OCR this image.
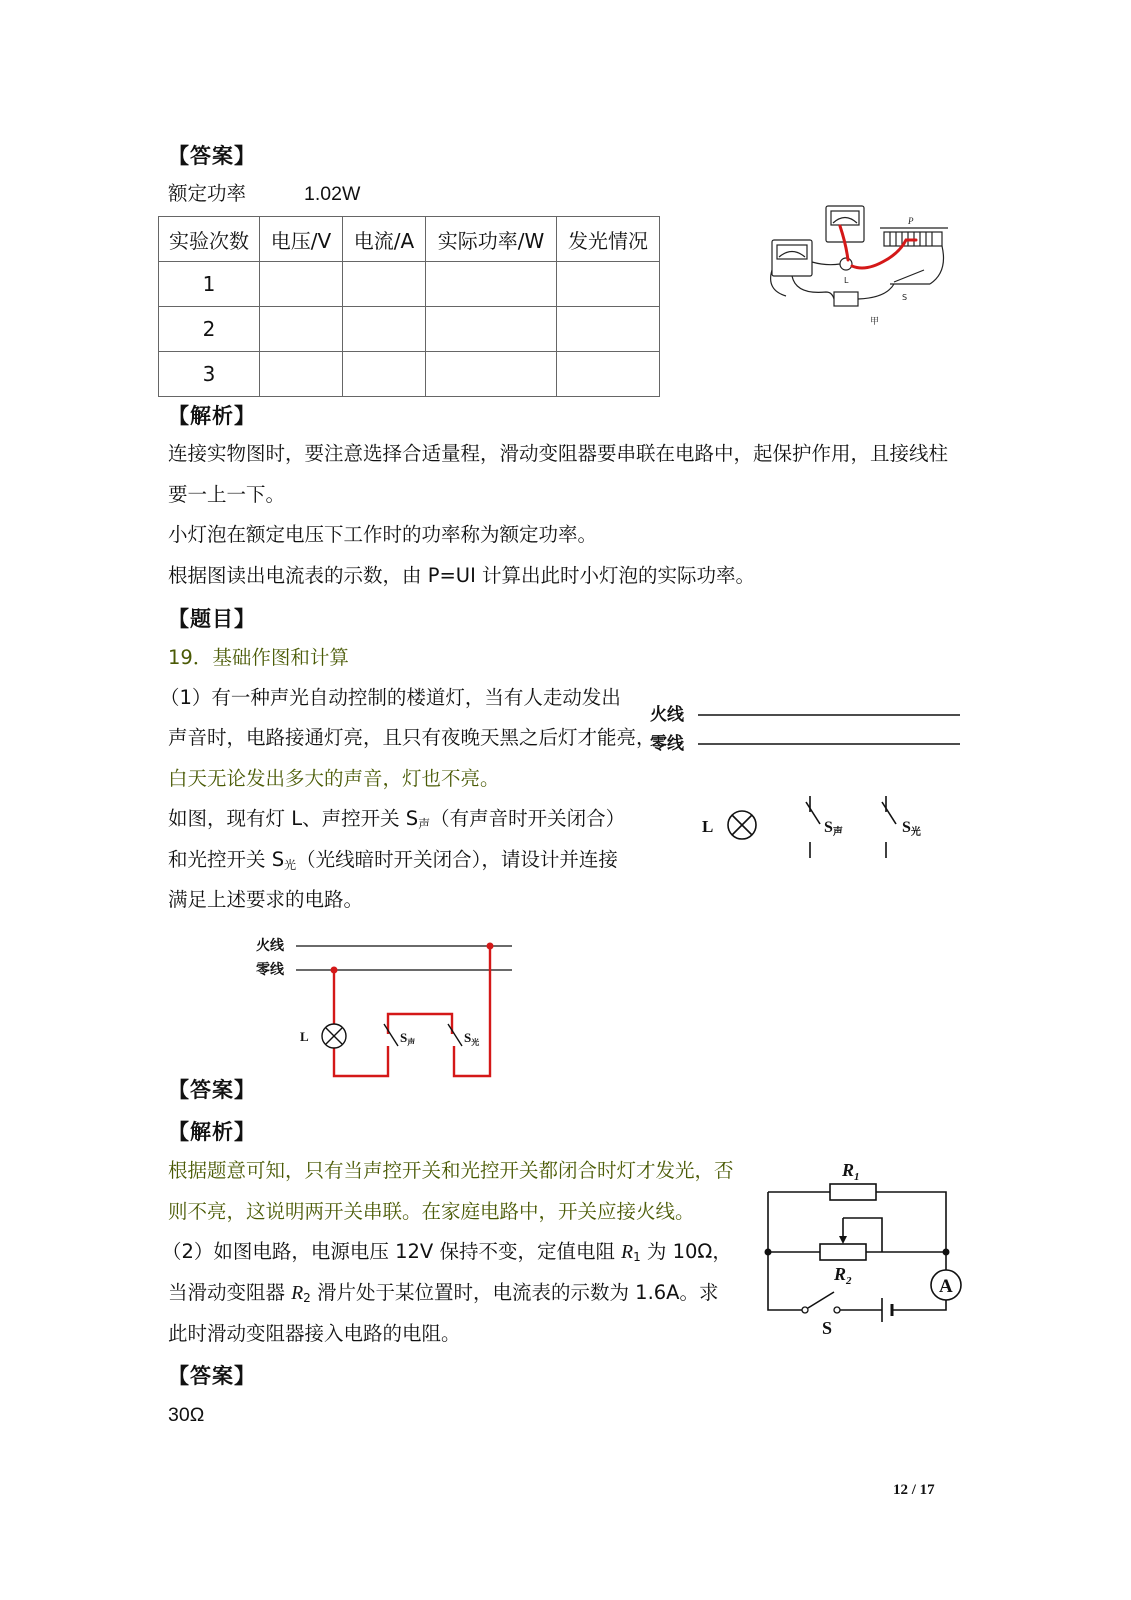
【答案】
额定功率	1.02W
实验次数	电压/V	电流/A	实际功率/W	发光情况
1				
2				
3				
P
L
S
甲
【解析】
连接实物图时，要注意选择合适量程，滑动变阻器要串联在电路中，起保护作用，且接线柱
要一上一下。
小灯泡在额定电压下工作时的功率称为额定功率。
根据图读出电流表的示数，由 P=UI 计算出此时小灯泡的实际功率。
【题目】
19．基础作图和计算
（1）有一种声光自动控制的楼道灯，当有人走动发出
声音时，电路接通灯亮，且只有夜晚天黑之后灯才能亮，
白天无论发出多大的声音，灯也不亮。
如图，现有灯 L、声控开关 $S_声$（有声音时开关闭合）
和光控开关 $S_光$（光线暗时开关闭合），请设计并连接
满足上述要求的电路。
火线
零线
L	S声	S光
火线
零线
L	$S_声$	$S_光$
【答案】
【解析】
根据题意可知，只有当声控开关和光控开关都闭合时灯才发光，否
则不亮，这说明两开关串联。在家庭电路中，开关应接火线。
（2）如图电路，电源电压 12V 保持不变，定值电阻 $R_1$ 为 10Ω，
当滑动变阻器 $R_2$ 滑片处于某位置时，电流表的示数为 1.6A。求
此时滑动变阻器接入电路的电阻。
A
$R_1$
$R_2$
S
【答案】
30Ω
12 / 17
